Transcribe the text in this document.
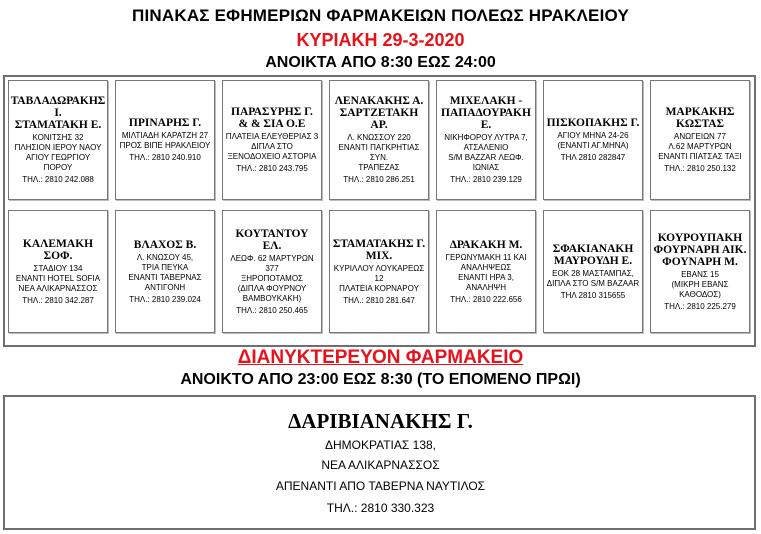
ΠΙΝΑΚΑΣ ΕΦΗΜΕΡΙΩΝ ΦΑΡΜΑΚΕΙΩΝ ΠΟΛΕΩΣ ΗΡΑΚΛΕΙΟΥ
ΚΥΡΙΑΚΗ 29-3-2020
ΑΝΟΙΚΤΑ ΑΠΟ 8:30 ΕΩΣ 24:00
ΤΑΒΛΑΔΩΡΑΚΗΣ Ι.
ΣΤΑΜΑΤΑΚΗ Ε.
ΚΟΝΙΤΣΗΣ 32
ΠΛΗΣΙΟΝ ΙΕΡΟΥ ΝΑΟΥ
ΑΓΙΟΥ ΓΕΩΡΓΙΟΥ
ΠΟΡΟΥ
ΤΗΛ.: 2810 242.088
ΠΡΙΝΑΡΗΣ Γ.
ΜΙΛΤΙΑΔΗ ΚΑΡΑΤΖΗ 27
ΠΡΟΣ ΒΙΠΕ ΗΡΑΚΛΕΙΟΥ
ΤΗΛ.: 2810 240.910
ΠΑΡΑΣΥΡΗΣ Γ.
& & ΣΙΑ Ο.Ε
ΠΛΑΤΕΙΑ ΕΛΕΥΘΕΡΙΑΣ 3
ΔΙΠΛΑ ΣΤΟ
ΞΕΝΟΔΟΧΕΙΟ ΑΣΤΟΡΙΑ
ΤΗΛ.: 2810 243.795
ΛΕΝΑΚΑΚΗΣ Α.
ΣΑΡΤΖΕΤΑΚΗ ΑΡ.
Λ. ΚΝΩΣΣΟΥ 220
ΕΝΑΝΤΙ ΠΑΓΚΡΗΤΙΑΣ ΣΥΝ.
ΤΡΑΠΕΖΑΣ
ΤΗΛ.: 2810 286.251
ΜΙΧΕΛΑΚΗ -
ΠΑΠΑΔΟΥΡΑΚΗ Ε.
ΝΙΚΗΦΟΡΟΥ ΛΥΤΡΑ 7,
ΑΤΣΑΛΕΝΙΟ
S/M BAZZAR ΛΕΩΦ. ΙΩΝΙΑΣ
ΤΗΛ.: 2810 239.129
ΠΙΣΚΟΠΑΚΗΣ Γ.
ΑΓΙΟΥ ΜΗΝΑ 24-26
(ΕΝΑΝΤΙ ΑΓ.ΜΗΝΑ)
ΤΗΛ 2810 282847
ΜΑΡΚΑΚΗΣ
ΚΩΣΤΑΣ
ΑΝΩΓΕΙΩΝ 77
Λ.62 ΜΑΡΤΥΡΩΝ
ΕΝΑΝΤΙ ΠΙΑΤΣΑΣ ΤΑΞΙ
ΤΗΛ.: 2810 250.132
ΚΑΛΕΜΑΚΗ
ΣΟΦ.
ΣΤΑΔΙΟΥ 134
ΕΝΑΝΤΙ HOTEL SOFIA
ΝΕΑ ΑΛΙΚΑΡΝΑΣΣΟΣ
ΤΗΛ.: 2810 342.287
ΒΛΑΧΟΣ Β.
Λ. ΚΝΩΣΟΥ 45,
ΤΡΙΑ ΠΕΥΚΑ
ΕΝΑΝΤΙ ΤΑΒΕΡΝΑΣ
ΑΝΤΙΓΟΝΗ
ΤΗΛ.: 2810 239.024
ΚΟΥΤΑΝΤΟΥ ΕΛ.
ΛΕΩΦ. 62 ΜΑΡΤΥΡΩΝ 377
ΞΗΡΟΠΟΤΑΜΟΣ
(ΔΙΠΛΑ ΦΟΥΡΝΟΥ
ΒΑΜΒΟΥΚΑΚΗ)
ΤΗΛ.: 2810 250.465
ΣΤΑΜΑΤΑΚΗΣ Γ.
ΜΙΧ.
ΚΥΡΙΛΛΟΥ ΛΟΥΚΑΡΕΩΣ 12
ΠΛΑΤΕΙΑ ΚΟΡΝΑΡΟΥ
ΤΗΛ.: 2810 281.647
ΔΡΑΚΑΚΗ Μ.
ΓΕΡΩΝΥΜΑΚΗ 11 ΚΑΙ
ΑΝΑΛΗΨΕΩΣ
ΕΝΑΝΤΙ ΗΡΑ 3,
ΑΝΑΛΗΨΗ
ΤΗΛ.: 2810 222.656
ΣΦΑΚΙΑΝΑΚΗ
ΜΑΥΡΟΥΔΗ Ε.
ΕΟΚ 28 ΜΑΣΤΑΜΠΑΣ,
ΔΙΠΛΑ ΣΤΟ S/M BAZAAR
ΤΗΛ 2810 315655
ΚΟΥΡΟΥΠΑΚΗ
ΦΟΥΡΝΑΡΗ ΑΙΚ.
ΦΟΥΝΑΡΗ Μ.
ΕΒΑΝΣ 15
(ΜΙΚΡΗ ΕΒΑΝΣ
ΚΑΘΟΔΟΣ)
ΤΗΛ.: 2810 225.279
ΔΙΑΝΥΚΤΕΡΕΥΟΝ ΦΑΡΜΑΚΕΙΟ
ΑΝΟΙΚΤΟ ΑΠΟ 23:00 ΕΩΣ 8:30 (ΤΟ ΕΠΟΜΕΝΟ ΠΡΩΙ)
ΔΑΡΙΒΙΑΝΑΚΗΣ Γ.
ΔΗΜΟΚΡΑΤΙΑΣ 138,
ΝΕΑ ΑΛΙΚΑΡΝΑΣΣΟΣ
ΑΠΕΝΑΝΤΙ ΑΠΟ ΤΑΒΕΡΝΑ ΝΑΥΤΙΛΟΣ
ΤΗΛ.: 2810 330.323
